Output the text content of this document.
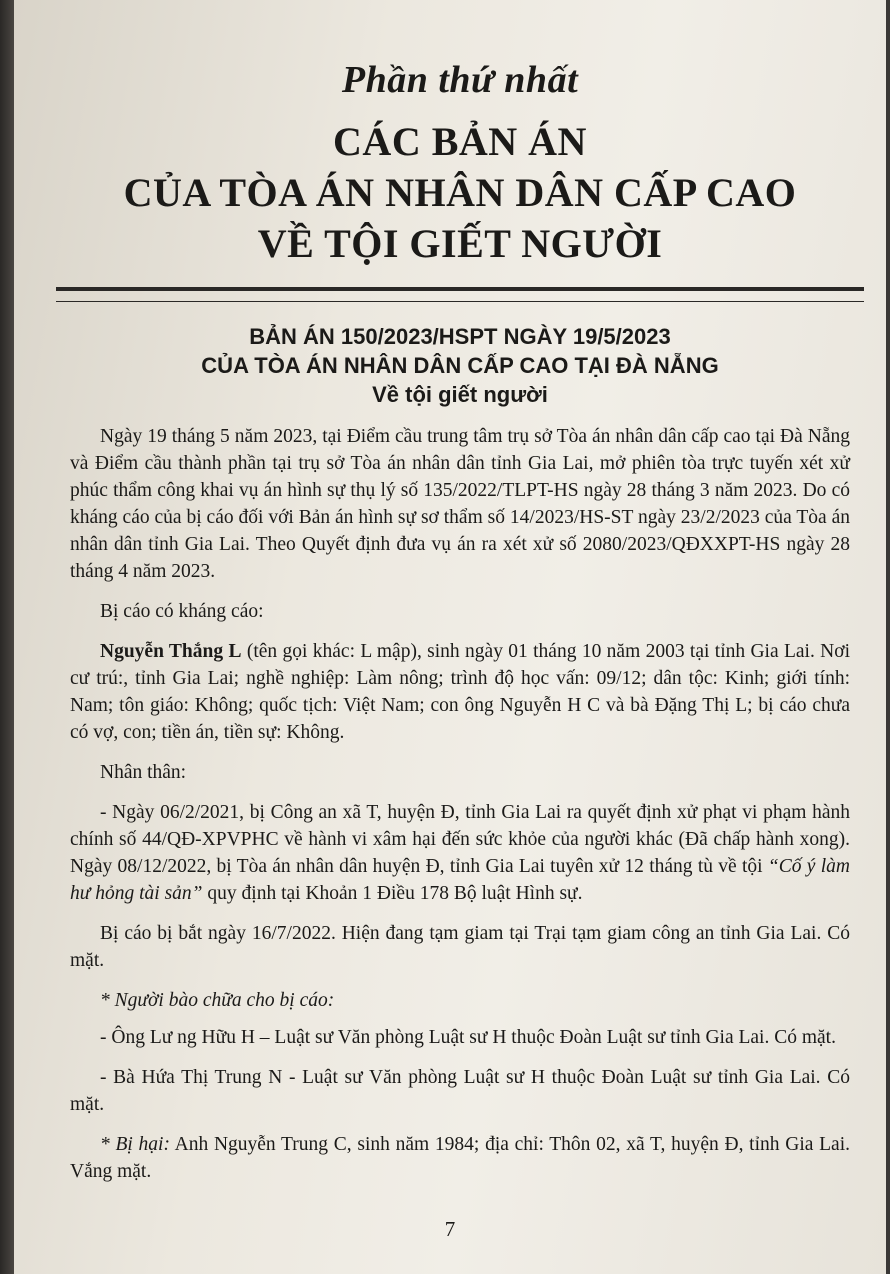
Phần thứ nhất
CÁC BẢN ÁN
CỦA TÒA ÁN NHÂN DÂN CẤP CAO
VỀ TỘI GIẾT NGƯỜI
BẢN ÁN 150/2023/HSPT NGÀY 19/5/2023
CỦA TÒA ÁN NHÂN DÂN CẤP CAO TẠI ĐÀ NẴNG
Về tội giết người

Ngày 19 tháng 5 năm 2023, tại Điểm cầu trung tâm trụ sở Tòa án nhân dân cấp cao tại Đà Nẵng và Điểm cầu thành phần tại trụ sở Tòa án nhân dân tỉnh Gia Lai, mở phiên tòa trực tuyến xét xử phúc thẩm công khai vụ án hình sự thụ lý số 135/2022/TLPT-HS ngày 28 tháng 3 năm 2023. Do có kháng cáo của bị cáo đối với Bản án hình sự sơ thẩm số 14/2023/HS-ST ngày 23/2/2023 của Tòa án nhân dân tỉnh Gia Lai. Theo Quyết định đưa vụ án ra xét xử số 2080/2023/QĐXXPT-HS ngày 28 tháng 4 năm 2023.

Bị cáo có kháng cáo:

Nguyễn Thắng L (tên gọi khác: L mập), sinh ngày 01 tháng 10 năm 2003 tại tỉnh Gia Lai. Nơi cư trú:, tỉnh Gia Lai; nghề nghiệp: Làm nông; trình độ học vấn: 09/12; dân tộc: Kinh; giới tính: Nam; tôn giáo: Không; quốc tịch: Việt Nam; con ông Nguyễn H C và bà Đặng Thị L; bị cáo chưa có vợ, con; tiền án, tiền sự: Không.

Nhân thân:

- Ngày 06/2/2021, bị Công an xã T, huyện Đ, tỉnh Gia Lai ra quyết định xử phạt vi phạm hành chính số 44/QĐ-XPVPHC về hành vi xâm hại đến sức khỏe của người khác (Đã chấp hành xong). Ngày 08/12/2022, bị Tòa án nhân dân huyện Đ, tỉnh Gia Lai tuyên xử 12 tháng tù về tội “Cố ý làm hư hỏng tài sản” quy định tại Khoản 1 Điều 178 Bộ luật Hình sự.

Bị cáo bị bắt ngày 16/7/2022. Hiện đang tạm giam tại Trại tạm giam công an tỉnh Gia Lai. Có mặt.

* Người bào chữa cho bị cáo:

- Ông Lư ng Hữu H – Luật sư Văn phòng Luật sư H thuộc Đoàn Luật sư tỉnh Gia Lai. Có mặt.

- Bà Hứa Thị Trung N - Luật sư Văn phòng Luật sư H thuộc Đoàn Luật sư tỉnh Gia Lai. Có mặt.

* Bị hại: Anh Nguyễn Trung C, sinh năm 1984; địa chỉ: Thôn 02, xã T, huyện Đ, tỉnh Gia Lai. Vắng mặt.

7
